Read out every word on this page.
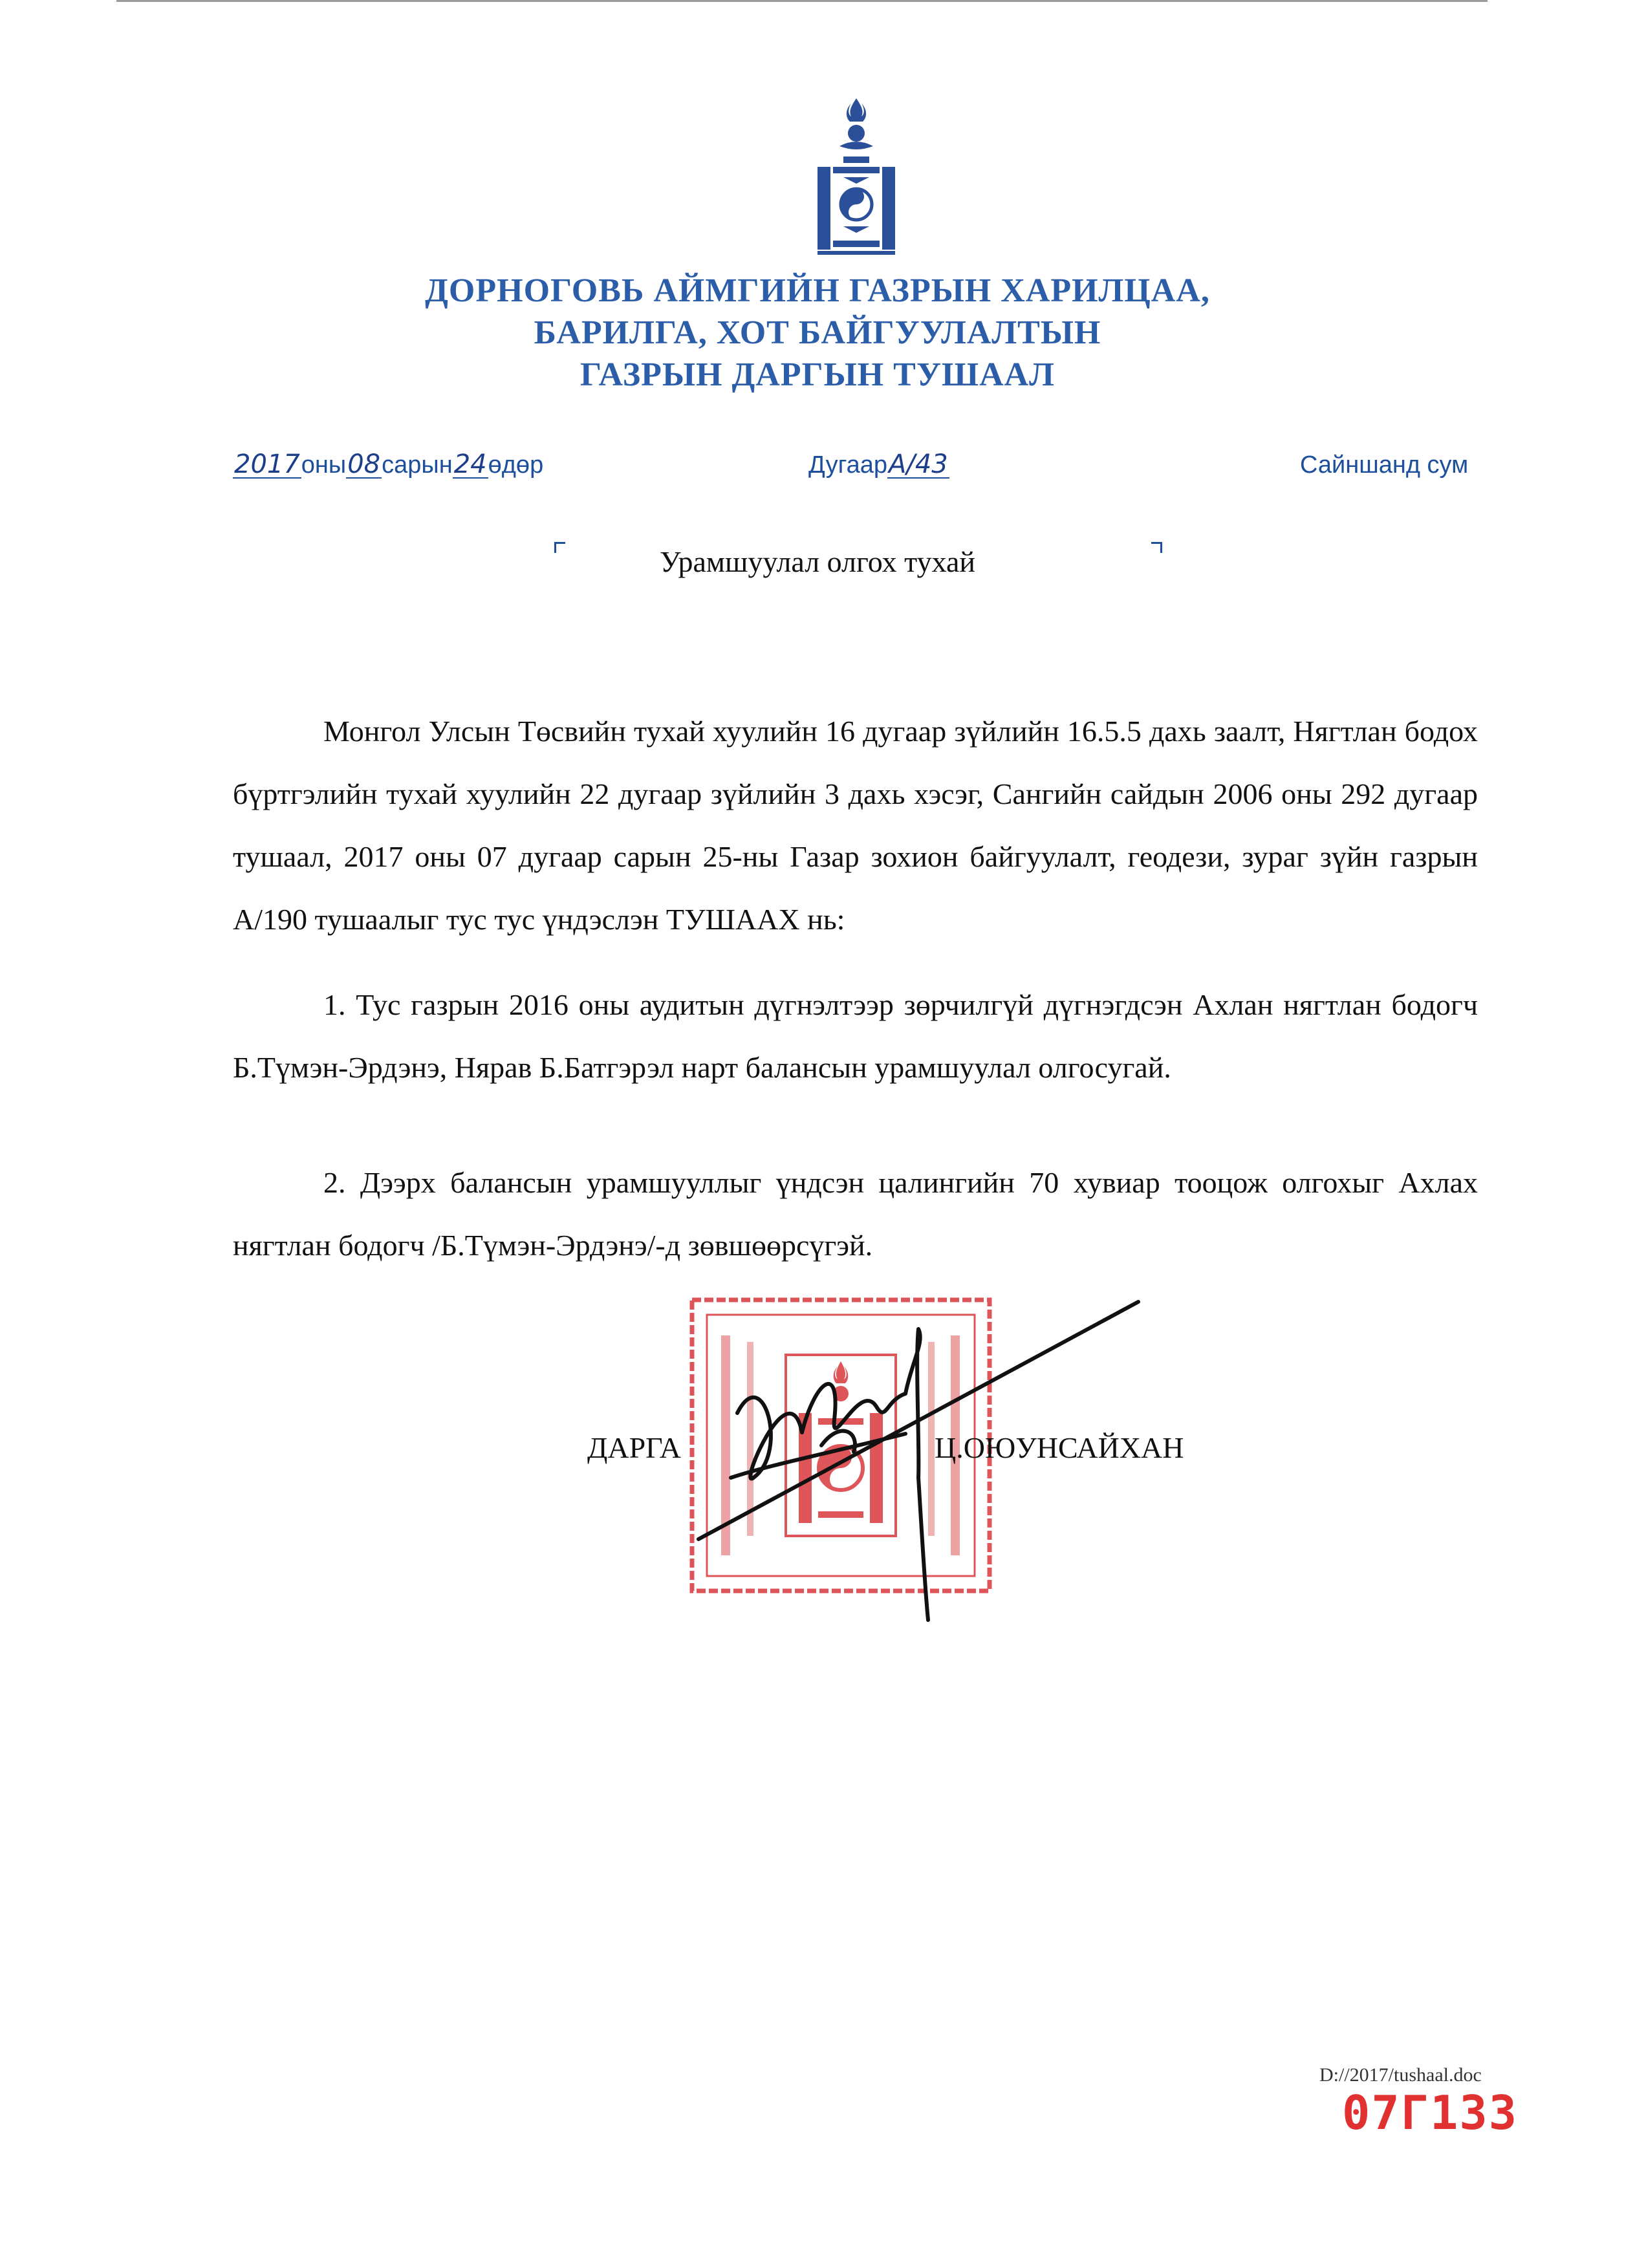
ДОРНОГОВЬ АЙМГИЙН ГАЗРЫН ХАРИЛЦАА,
БАРИЛГА, ХОТ БАЙГУУЛАЛТЫН
ГАЗРЫН ДАРГЫН ТУШААЛ
2017оны08сарын24өдөр	ДугаарА/43	Сайншанд сум
Урамшуулал олгох тухай
Монгол Улсын Төсвийн тухай хуулийн 16 дугаар зүйлийн 16.5.5 дахь заалт, Нягтлан бодох бүртгэлийн тухай хуулийн 22 дугаар зүйлийн 3 дахь хэсэг, Сангийн сайдын 2006 оны 292 дугаар тушаал, 2017 оны 07 дугаар сарын 25-ны Газар зохион байгуулалт, геодези, зураг зүйн газрын А/190 тушаалыг тус тус үндэслэн ТУШААХ нь:
1. Тус газрын 2016 оны аудитын дүгнэлтээр зөрчилгүй дүгнэгдсэн Ахлан нягтлан бодогч Б.Түмэн-Эрдэнэ, Нярав Б.Батгэрэл нарт балансын урамшуулал олгосугай.
2. Дээрх балансын урамшууллыг үндсэн цалингийн 70 хувиар тооцож олгохыг Ахлах нягтлан бодогч /Б.Түмэн-Эрдэнэ/-д зөвшөөрсүгэй.
ДАРГА	Ц.ОЮУНСАЙХАН
D://2017/tushaal.doc
07Г133
